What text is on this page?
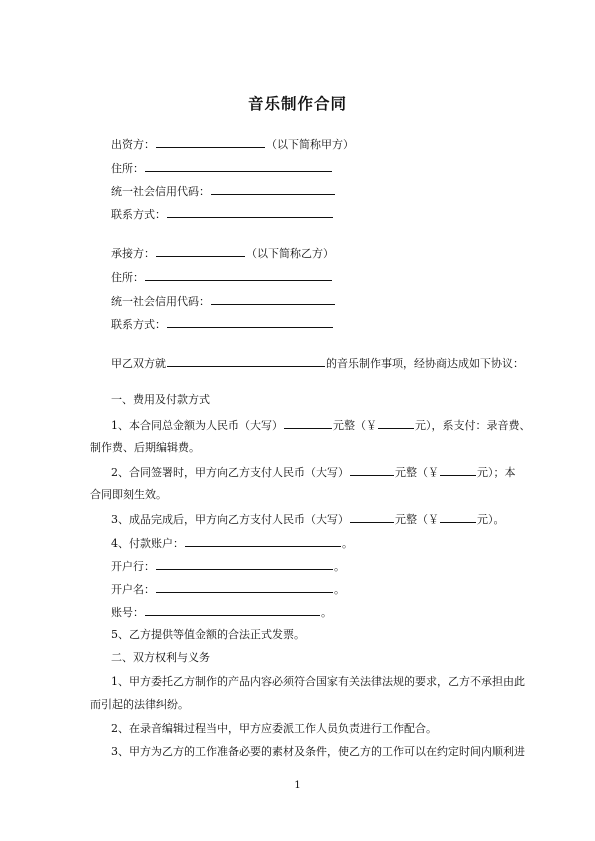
音乐制作合同
出资方：	（以下简称甲方）
住所：
统一社会信用代码：
联系方式：
承接方：	（以下简称乙方）
住所：
统一社会信用代码：
联系方式：
甲乙双方就	的音乐制作事项，经协商达成如下协议：
一、费用及付款方式
1、本合同总金额为人民币（大写）	元整（￥	元），系支付：录音费、
制作费、后期编辑费。
2、合同签署时，甲方向乙方支付人民币（大写）	元整（￥	元）；本
合同即刻生效。
3、成品完成后，甲方向乙方支付人民币（大写）	元整（￥	元）。
4、付款账户：	。
开户行：	。
开户名：	。
账号：	。
5、乙方提供等值金额的合法正式发票。
二、双方权利与义务
1、甲方委托乙方制作的产品内容必须符合国家有关法律法规的要求，乙方不承担由此
而引起的法律纠纷。
2、在录音编辑过程当中，甲方应委派工作人员负责进行工作配合。
3、甲方为乙方的工作准备必要的素材及条件，使乙方的工作可以在约定时间内顺利进
1
